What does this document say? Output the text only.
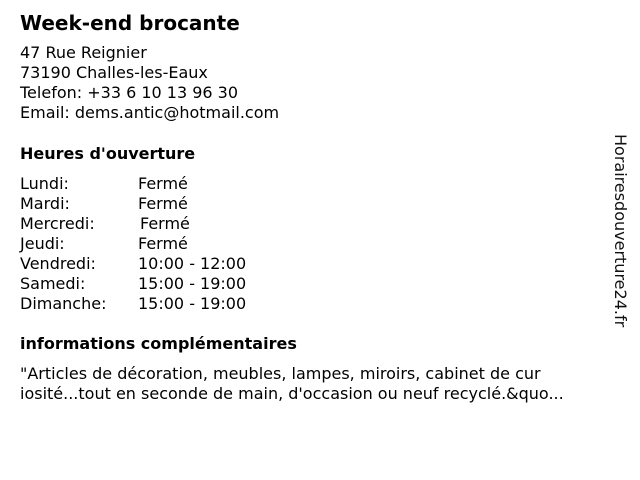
Week-end brocante
47 Rue Reignier
73190 Challes-les-Eaux
Telefon: +33 6 10 13 96 30
Email: dems.antic@hotmail.com
Heures d'ouverture
Lundi:	Fermé
Mardi:	Fermé
Mercredi:	Fermé
Jeudi:	Fermé
Vendredi:	10:00 - 12:00
Samedi:	15:00 - 19:00
Dimanche: 15:00 - 19:00
informations complémentaires
"Articles de décoration, meubles, lampes, miroirs, cabinet de cur
iosité...tout en seconde de main, d'occasion ou neuf recyclé.&quo...
Horairesdouverture24.fr
